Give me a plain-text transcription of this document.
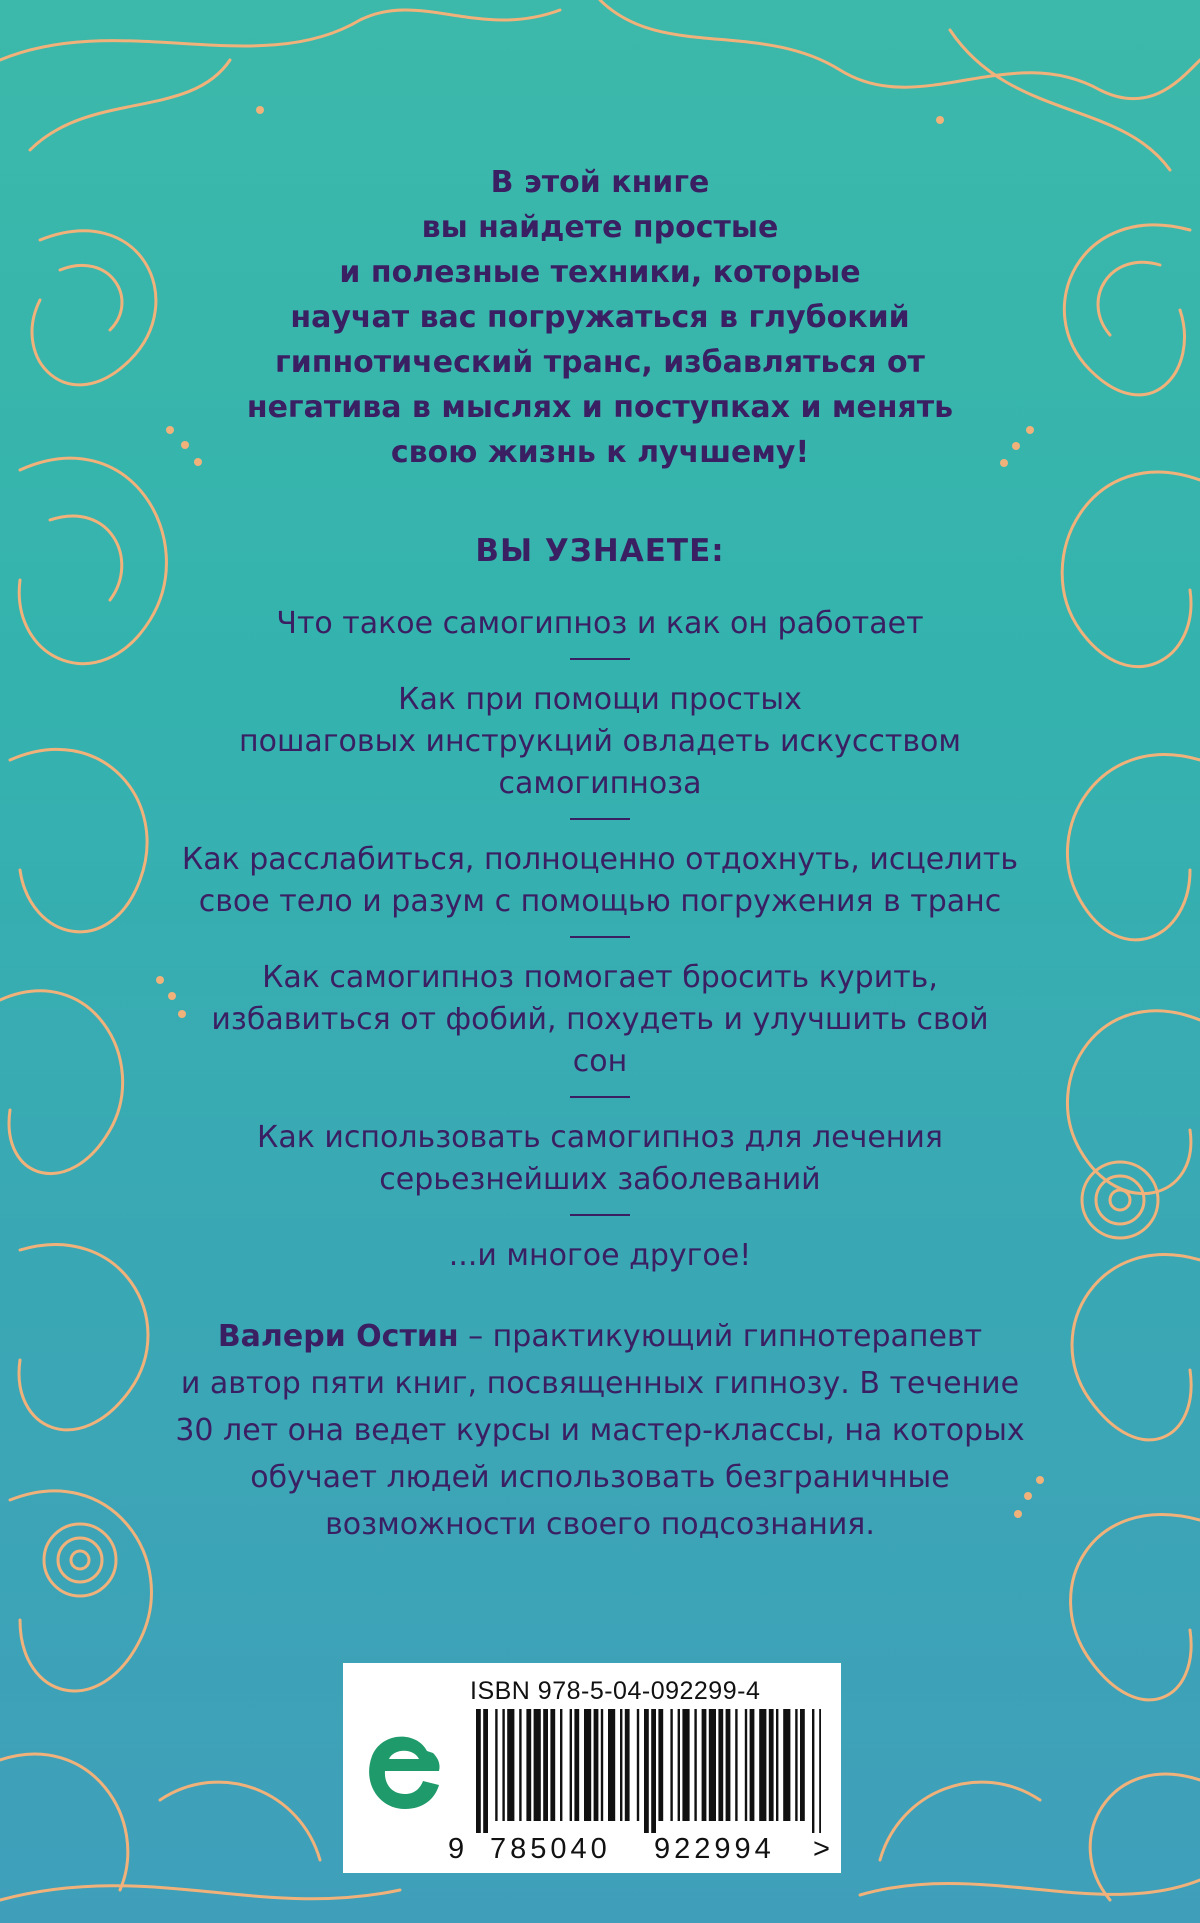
В этой книге
вы найдете простые
и полезные техники, которые
научат вас погружаться в глубокий
гипнотический транс, избавляться от
негатива в мыслях и поступках и менять
свою жизнь к лучшему!

ВЫ УЗНАЕТЕ:
Что такое самогипноз и как он работает
Как при помощи простых
пошаговых инструкций овладеть искусством
самогипноза
Как расслабиться, полноценно отдохнуть, исцелить
свое тело и разум с помощью погружения в транс
Как самогипноз помогает бросить курить,
избавиться от фобий, похудеть и улучшить свой
сон
Как использовать самогипноз для лечения
серьезнейших заболеваний

...и многое другое!

Валери Остин – практикующий гипнотерапевт
и автор пяти книг, посвященных гипнозу. В течение
30 лет она ведет курсы и мастер-классы, на которых
обучает людей использовать безграничные
возможности своего подсознания.

ISBN 978-5-04-092299-4
9 785040 922994 >
